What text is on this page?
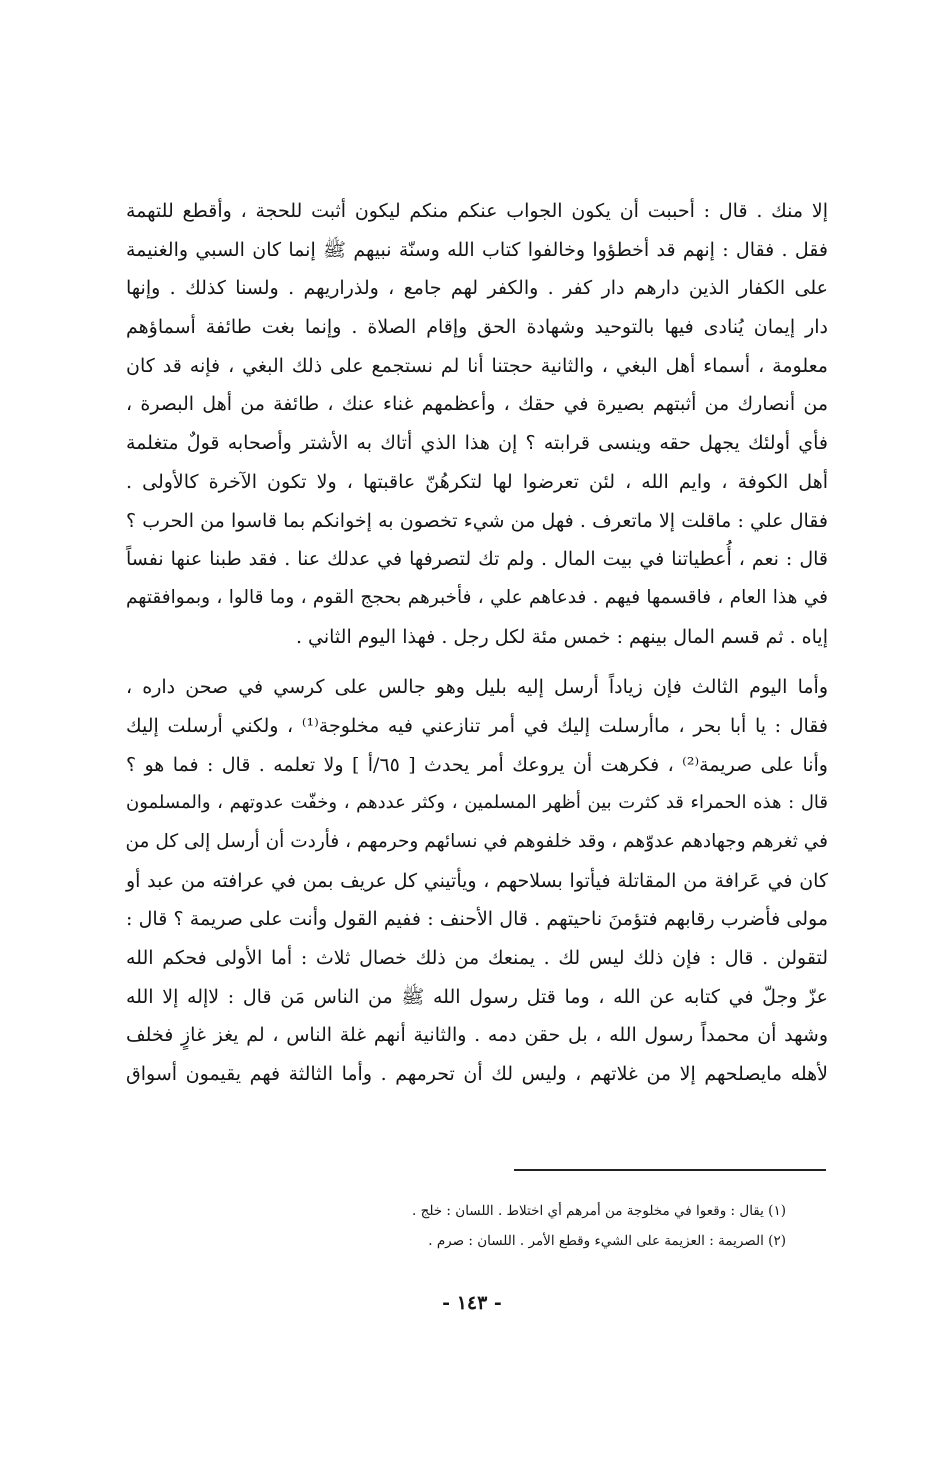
إلا منك . قال : أحببت أن يكون الجواب عنكم منكم ليكون أثبت للحجة ، وأقطع للتهمة
فقل . فقال : إنهم قد أخطؤوا وخالفوا كتاب الله وسنّة نبيهم ﷺ إنما كان السبي والغنيمة
على الكفار الذين دارهم دار كفر . والكفر لهم جامع ، ولذراريهم . ولسنا كذلك . وإنها
دار إيمان يُنادى فيها بالتوحيد وشهادة الحق وإقام الصلاة . وإنما بغت طائفة أسماؤهم
معلومة ، أسماء أهل البغي ، والثانية حجتنا أنا لم نستجمع على ذلك البغي ، فإنه قد كان
من أنصارك من أثبتهم بصيرة في حقك ، وأعظمهم غناء عنك ، طائفة من أهل البصرة ،
فأي أولئك يجهل حقه وينسى قرابته ؟ إن هذا الذي أتاك به الأشتر وأصحابه قولٌ متغلمة
أهل الكوفة ، وايم الله ، لئن تعرضوا لها لتكرهُنّ عاقبتها ، ولا تكون الآخرة كالأولى .
فقال علي : ماقلت إلا ماتعرف . فهل من شيء تخصون به إخوانكم بما قاسوا من الحرب ؟
قال : نعم ، أُعطياتنا في بيت المال . ولم تك لتصرفها في عدلك عنا . فقد طبنا عنها نفساً
في هذا العام ، فاقسمها فيهم . فدعاهم علي ، فأخبرهم بحجج القوم ، وما قالوا ، وبموافقتهم
إياه . ثم قسم المال بينهم : خمس مئة لكل رجل . فهذا اليوم الثاني .
وأما اليوم الثالث فإن زياداً أرسل إليه بليل وهو جالس على كرسي في صحن داره ،
فقال : يا أبا بحر ، ماأرسلت إليك في أمر تنازعني فيه مخلوجة⁽¹⁾ ، ولكني أرسلت إليك
وأنا على صريمة⁽²⁾ ، فكرهت أن يروعك أمر يحدث [ ٦٥/أ ] ولا تعلمه . قال : فما هو ؟
قال : هذه الحمراء قد كثرت بين أظهر المسلمين ، وكثر عددهم ، وخفّت عدوتهم ، والمسلمون
في ثغرهم وجهادهم عدوّهم ، وقد خلفوهم في نسائهم وحرمهم ، فأردت أن أرسل إلى كل من
كان في عَرافة من المقاتلة فيأتوا بسلاحهم ، ويأتيني كل عريف بمن في عرافته من عبد أو
مولى فأضرب رقابهم فتؤمنَ ناحيتهم . قال الأحنف : ففيم القول وأنت على صريمة ؟ قال :
لتقولن . قال : فإن ذلك ليس لك . يمنعك من ذلك خصال ثلاث : أما الأولى فحكم الله
عزّ وجلّ في كتابه عن الله ، وما قتل رسول الله ﷺ من الناس مَن قال : لاإله إلا الله
وشهد أن محمداً رسول الله ، بل حقن دمه . والثانية أنهم غلة الناس ، لم يغز غازٍ فخلف
لأهله مايصلحهم إلا من غلاتهم ، وليس لك أن تحرمهم . وأما الثالثة فهم يقيمون أسواق
(١) يقال : وقعوا في مخلوجة من أمرهم أي اختلاط . اللسان : خلج .
(٢) الصريمة : العزيمة على الشيء وقطع الأمر . اللسان : صرم .
- ١٤٣ -
